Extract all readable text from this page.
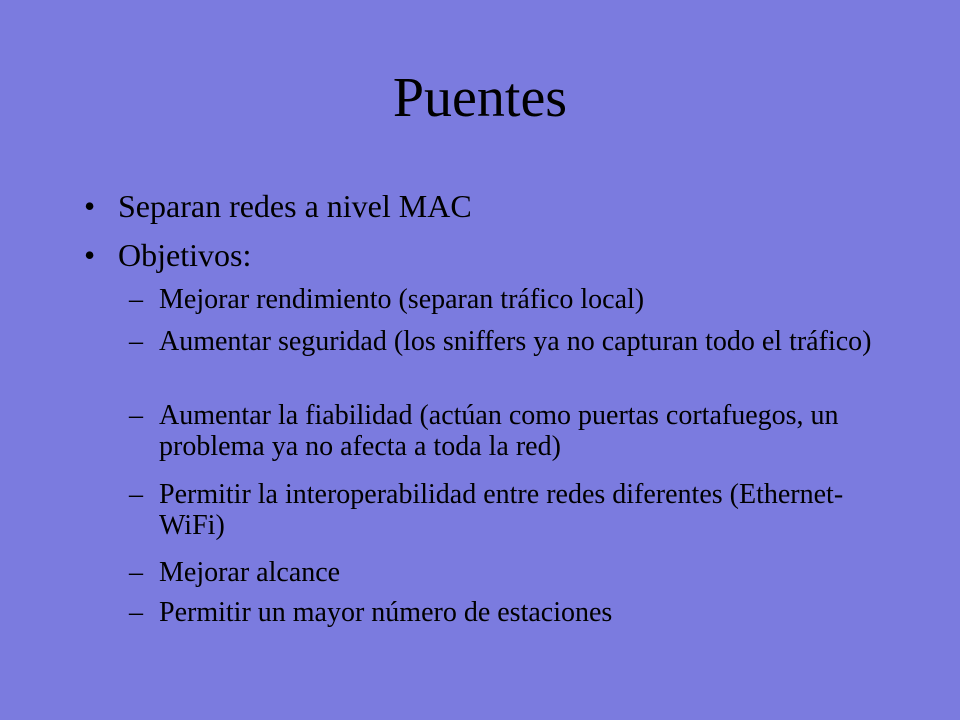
Puentes
• Separan redes a nivel MAC
• Objetivos:
– Mejorar rendimiento (separan tráfico local)
– Aumentar seguridad (los sniffers ya no capturan todo el tráfico)
– Aumentar la fiabilidad (actúan como puertas cortafuegos, un problema ya no afecta a toda la red)
– Permitir la interoperabilidad entre redes diferentes (Ethernet-WiFi)
– Mejorar alcance
– Permitir un mayor número de estaciones
